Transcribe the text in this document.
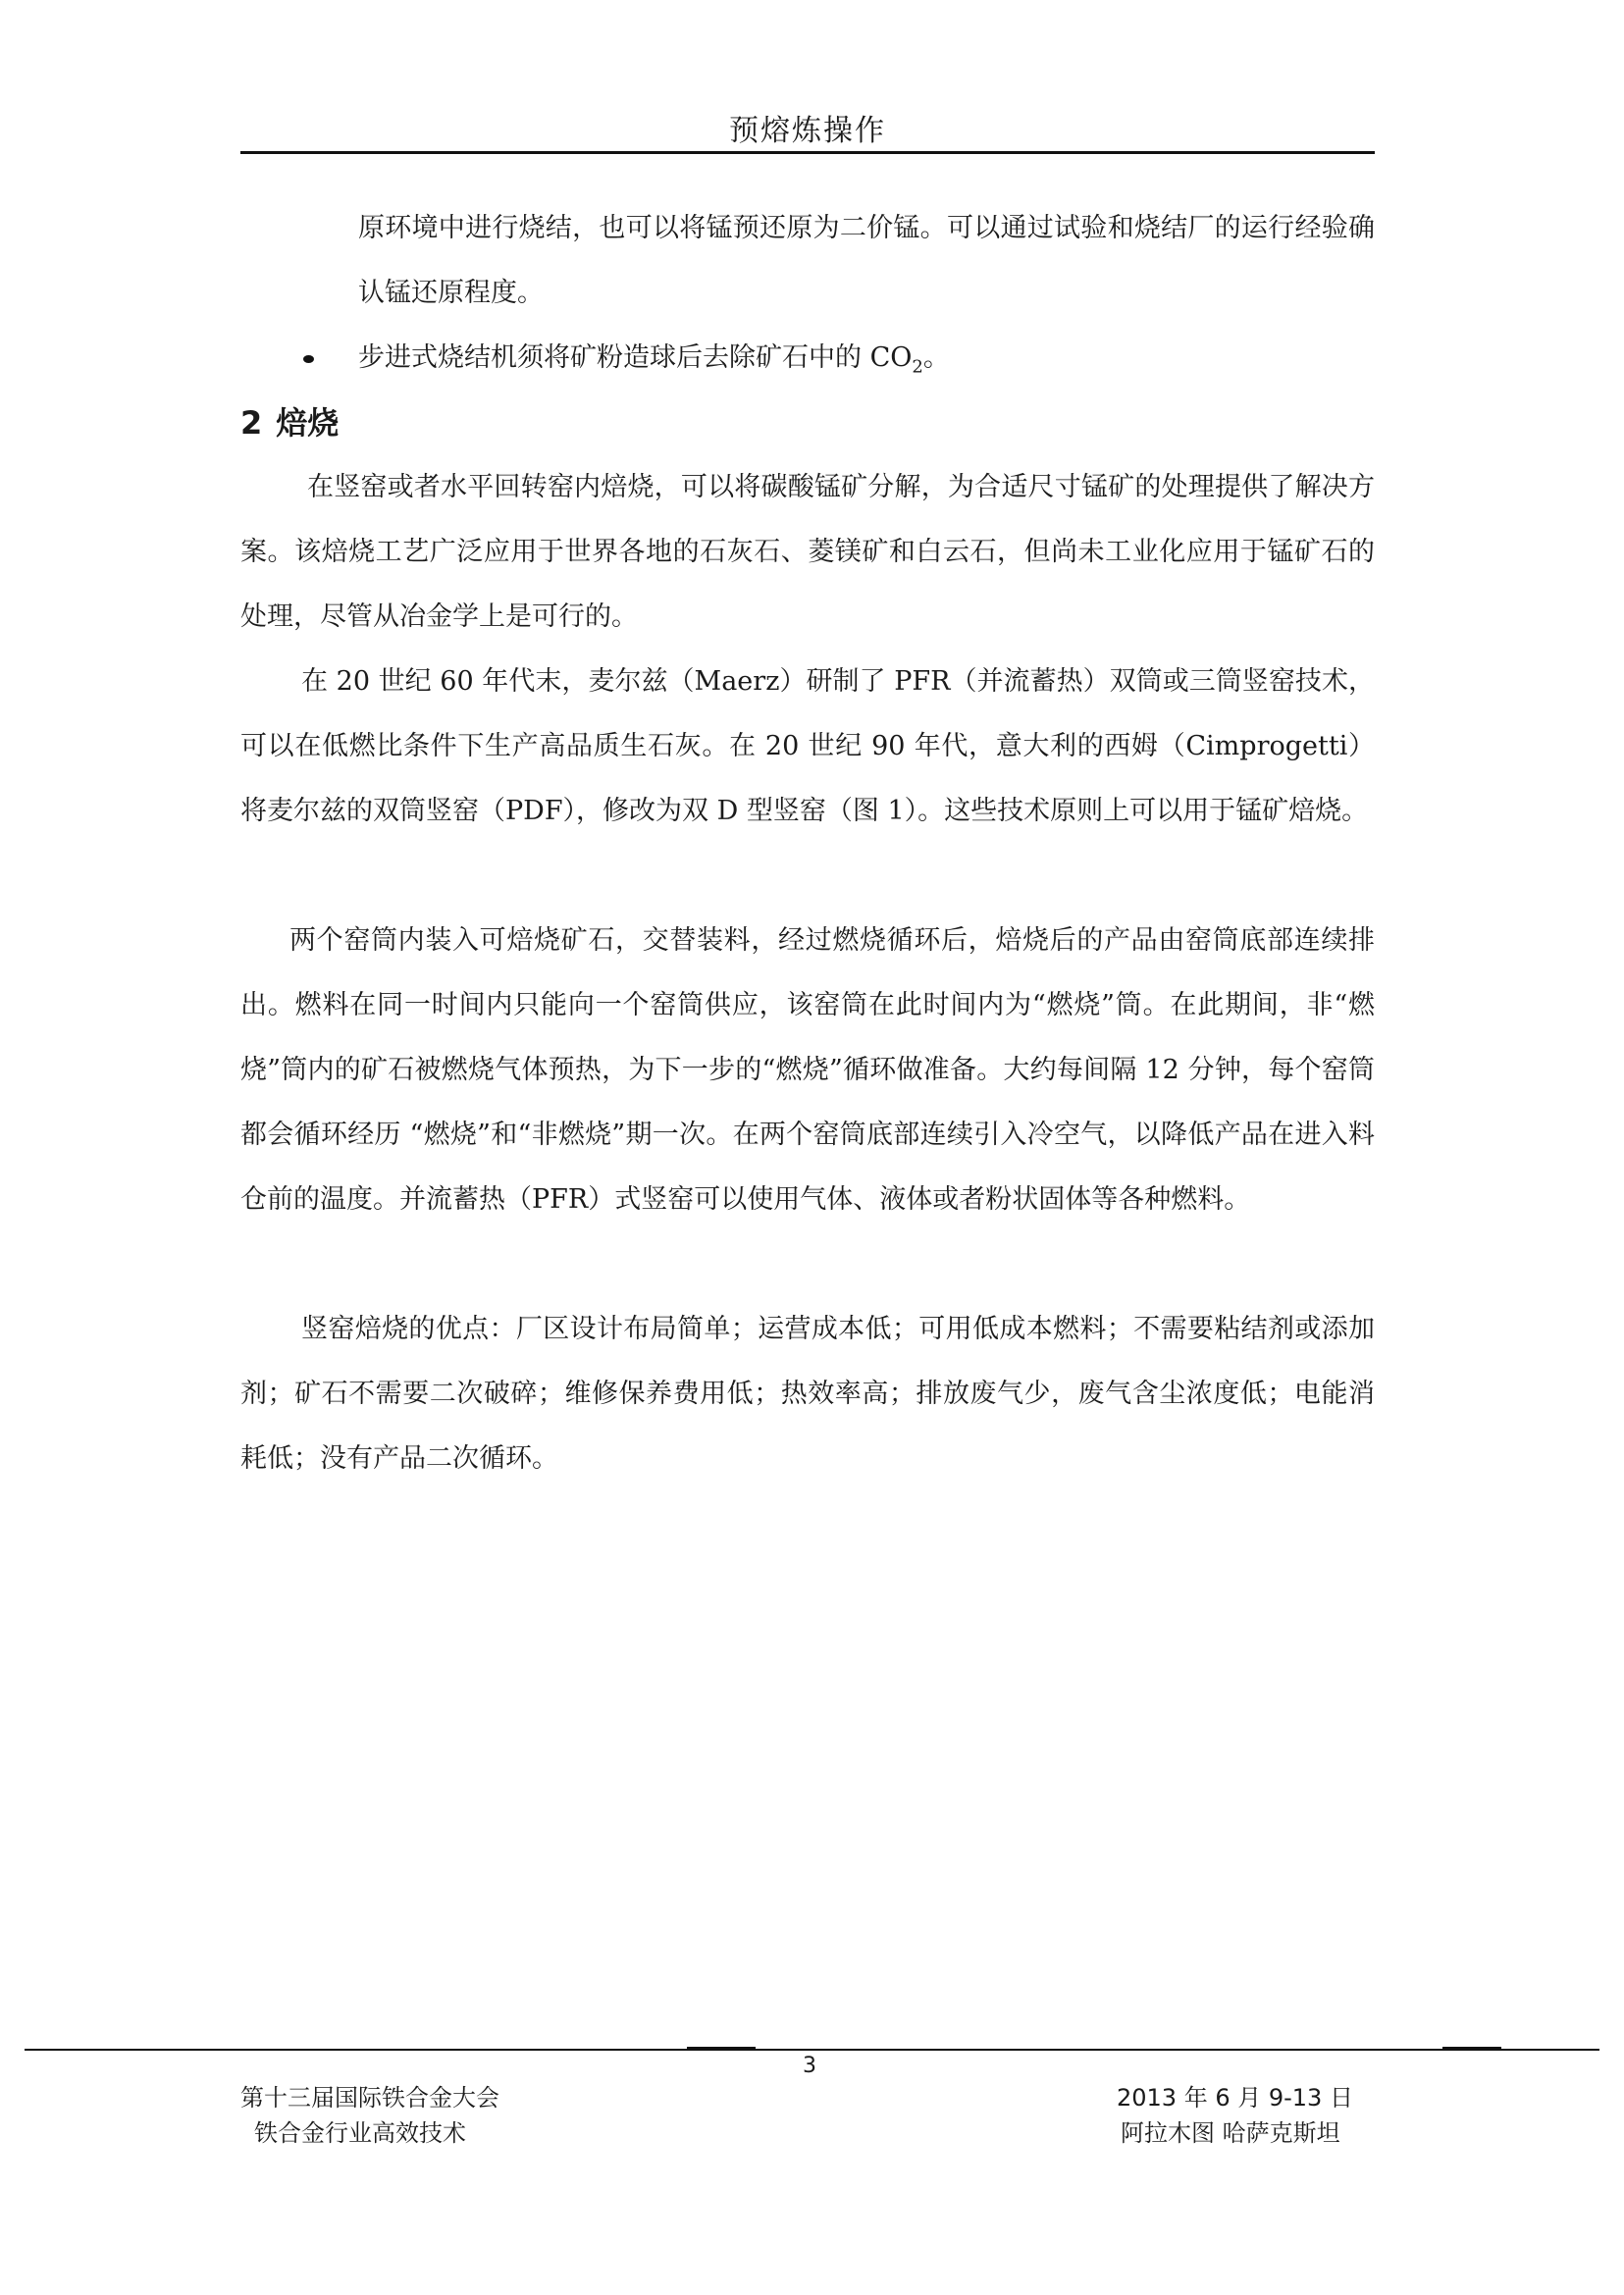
预熔炼操作

原环境中进行烧结，也可以将锰预还原为二价锰。可以通过试验和烧结厂的运行经验确认锰还原程度。

步进式烧结机须将矿粉造球后去除矿石中的 $CO_2$。
2 焙烧

在竖窑或者水平回转窑内焙烧，可以将碳酸锰矿分解，为合适尺寸锰矿的处理提供了解决方案。该焙烧工艺广泛应用于世界各地的石灰石、菱镁矿和白云石，但尚未工业化应用于锰矿石的处理，尽管从冶金学上是可行的。

在 20 世纪 60 年代末，麦尔兹（Maerz）研制了 PFR（并流蓄热）双筒或三筒竖窑技术，可以在低燃比条件下生产高品质生石灰。在 20 世纪 90 年代，意大利的西姆（Cimprogetti）将麦尔兹的双筒竖窑（PDF），修改为双 D 型竖窑（图 1）。这些技术原则上可以用于锰矿焙烧。

两个窑筒内装入可焙烧矿石，交替装料，经过燃烧循环后，焙烧后的产品由窑筒底部连续排出。燃料在同一时间内只能向一个窑筒供应，该窑筒在此时间内为“燃烧”筒。在此期间，非“燃烧”筒内的矿石被燃烧气体预热，为下一步的“燃烧”循环做准备。大约每间隔 12 分钟，每个窑筒都会循环经历 “燃烧”和“非燃烧”期一次。在两个窑筒底部连续引入冷空气，以降低产品在进入料仓前的温度。并流蓄热（PFR）式竖窑可以使用气体、液体或者粉状固体等各种燃料。

竖窑焙烧的优点：厂区设计布局简单；运营成本低；可用低成本燃料；不需要粘结剂或添加剂；矿石不需要二次破碎；维修保养费用低；热效率高；排放废气少，废气含尘浓度低；电能消耗低；没有产品二次循环。

3
第十三届国际铁合金大会
铁合金行业高效技术
2013 年 6 月 9-13 日
阿拉木图 哈萨克斯坦
